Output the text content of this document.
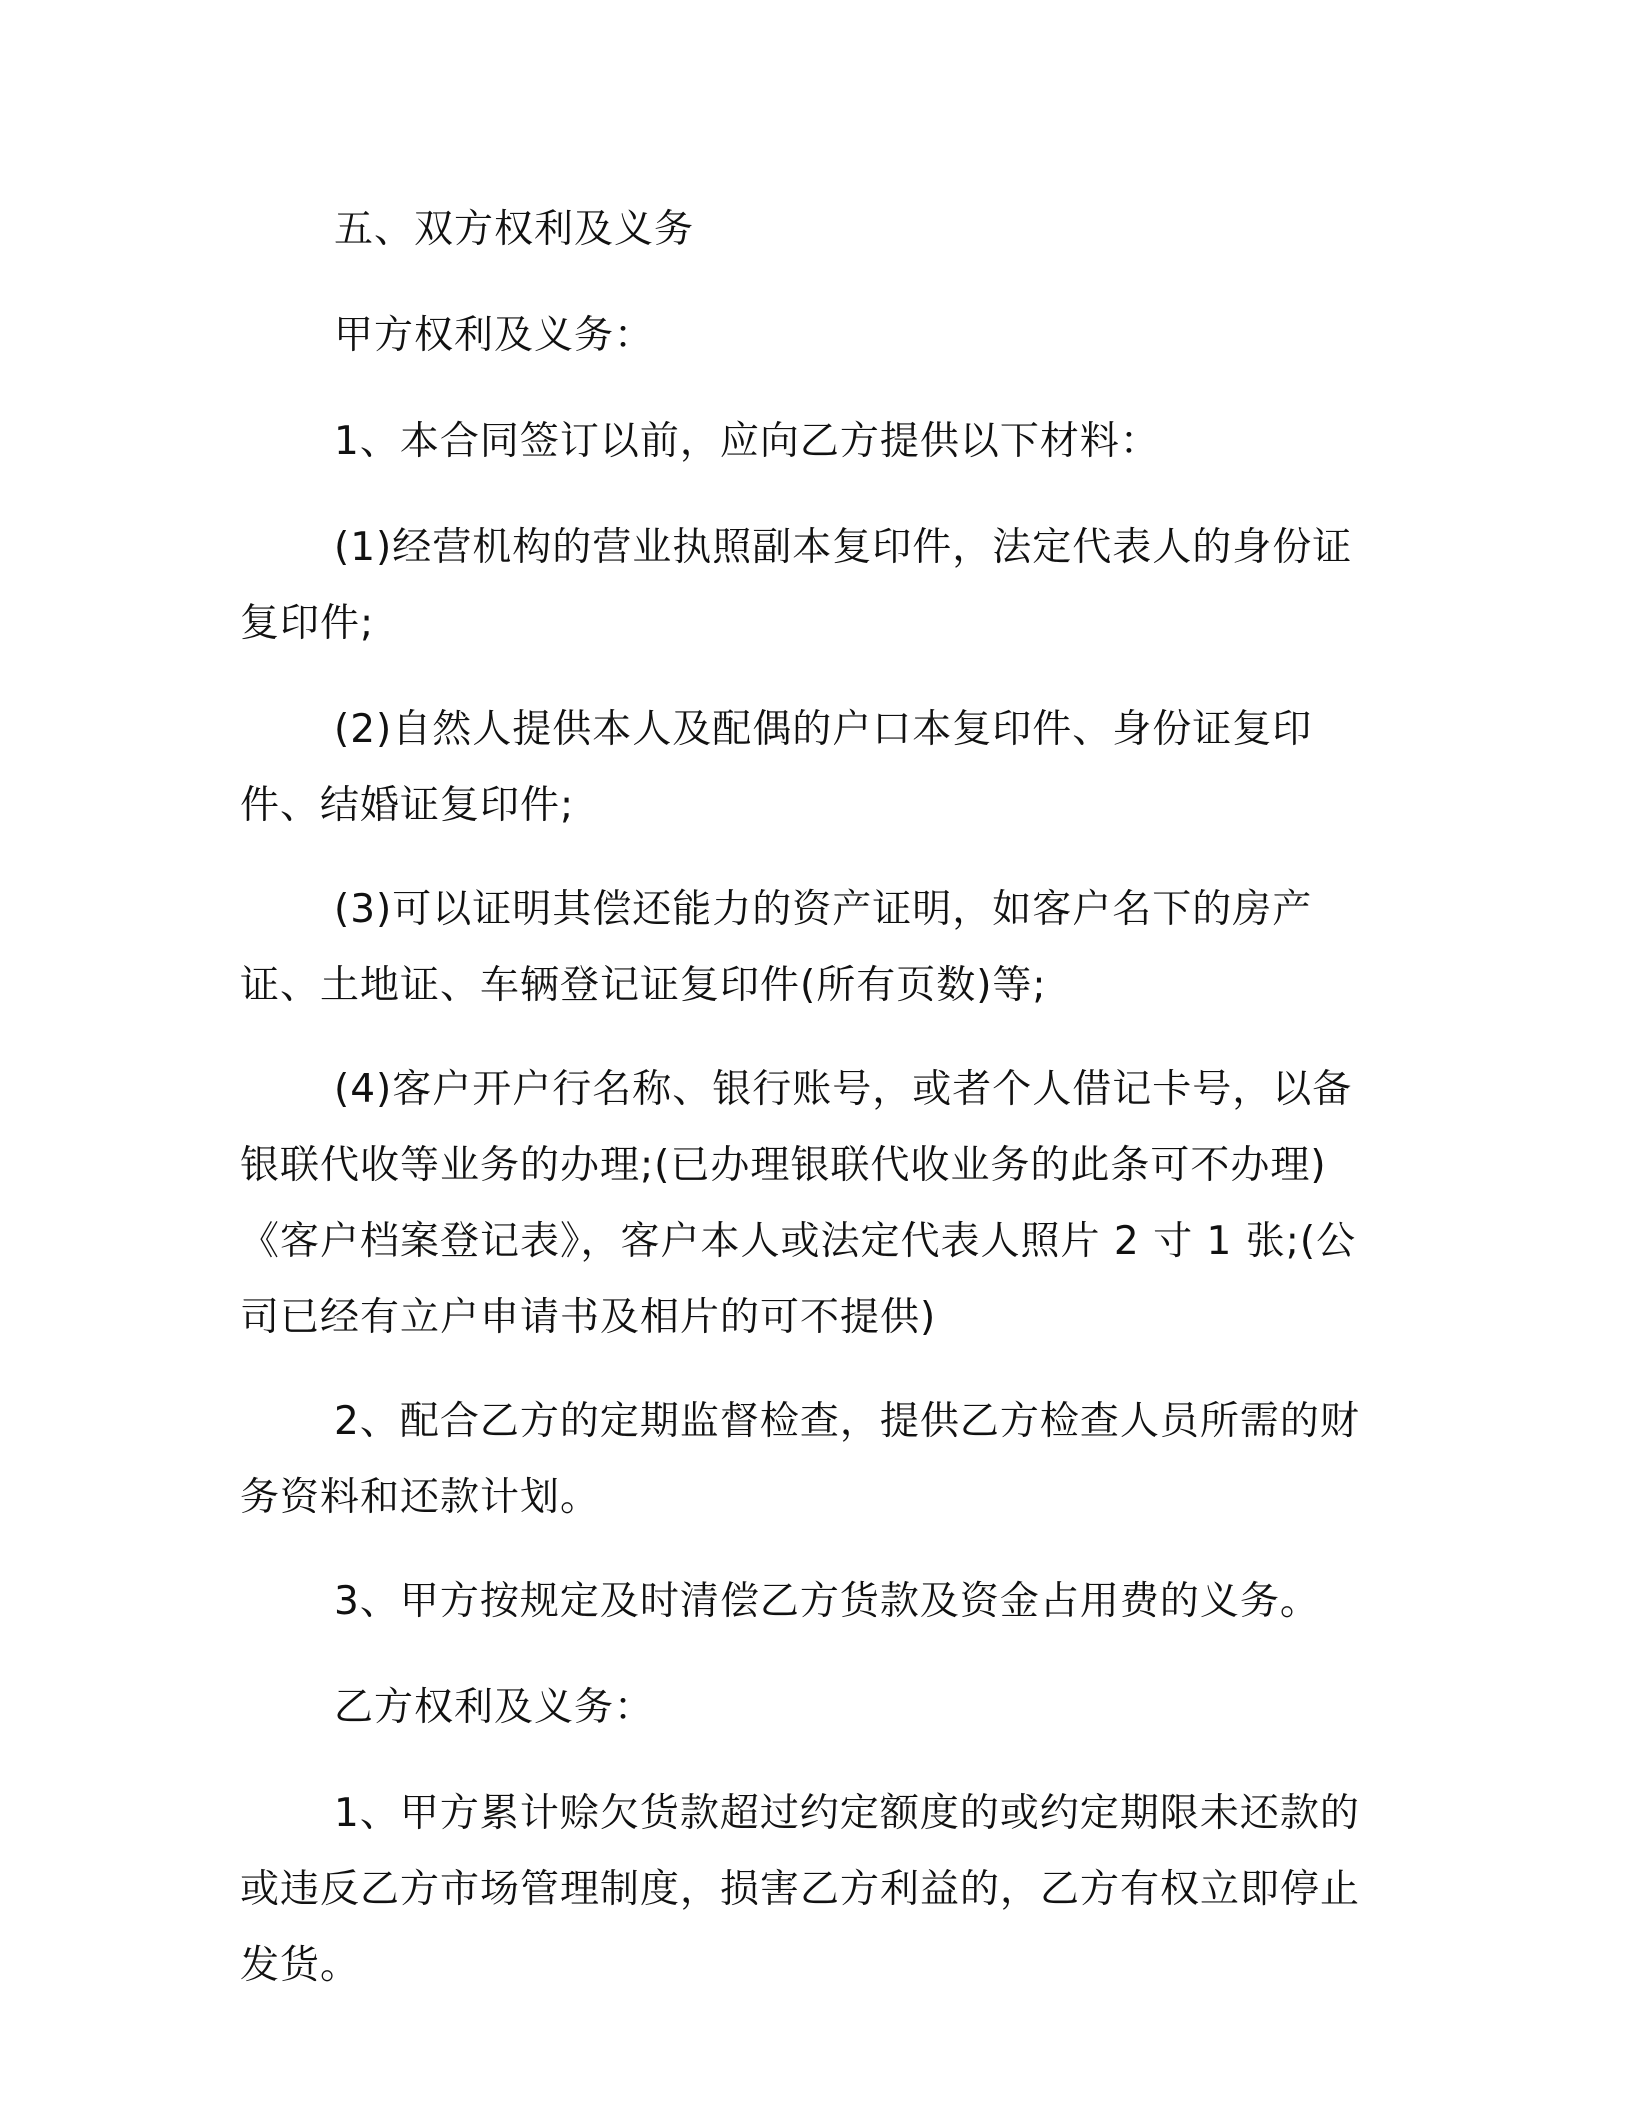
五、双方权利及义务

甲方权利及义务：

1、本合同签订以前，应向乙方提供以下材料：

(1)经营机构的营业执照副本复印件，法定代表人的身份证复印件;

(2)自然人提供本人及配偶的户口本复印件、身份证复印件、结婚证复印件;

(3)可以证明其偿还能力的资产证明，如客户名下的房产证、土地证、车辆登记证复印件(所有页数)等;

(4)客户开户行名称、银行账号，或者个人借记卡号，以备银联代收等业务的办理;(已办理银联代收业务的此条可不办理)《客户档案登记表》，客户本人或法定代表人照片 2 寸 1 张;(公司已经有立户申请书及相片的可不提供)

2、配合乙方的定期监督检查，提供乙方检查人员所需的财务资料和还款计划。

3、甲方按规定及时清偿乙方货款及资金占用费的义务。

乙方权利及义务：

1、甲方累计赊欠货款超过约定额度的或约定期限未还款的或违反乙方市场管理制度，损害乙方利益的，乙方有权立即停止发货。
